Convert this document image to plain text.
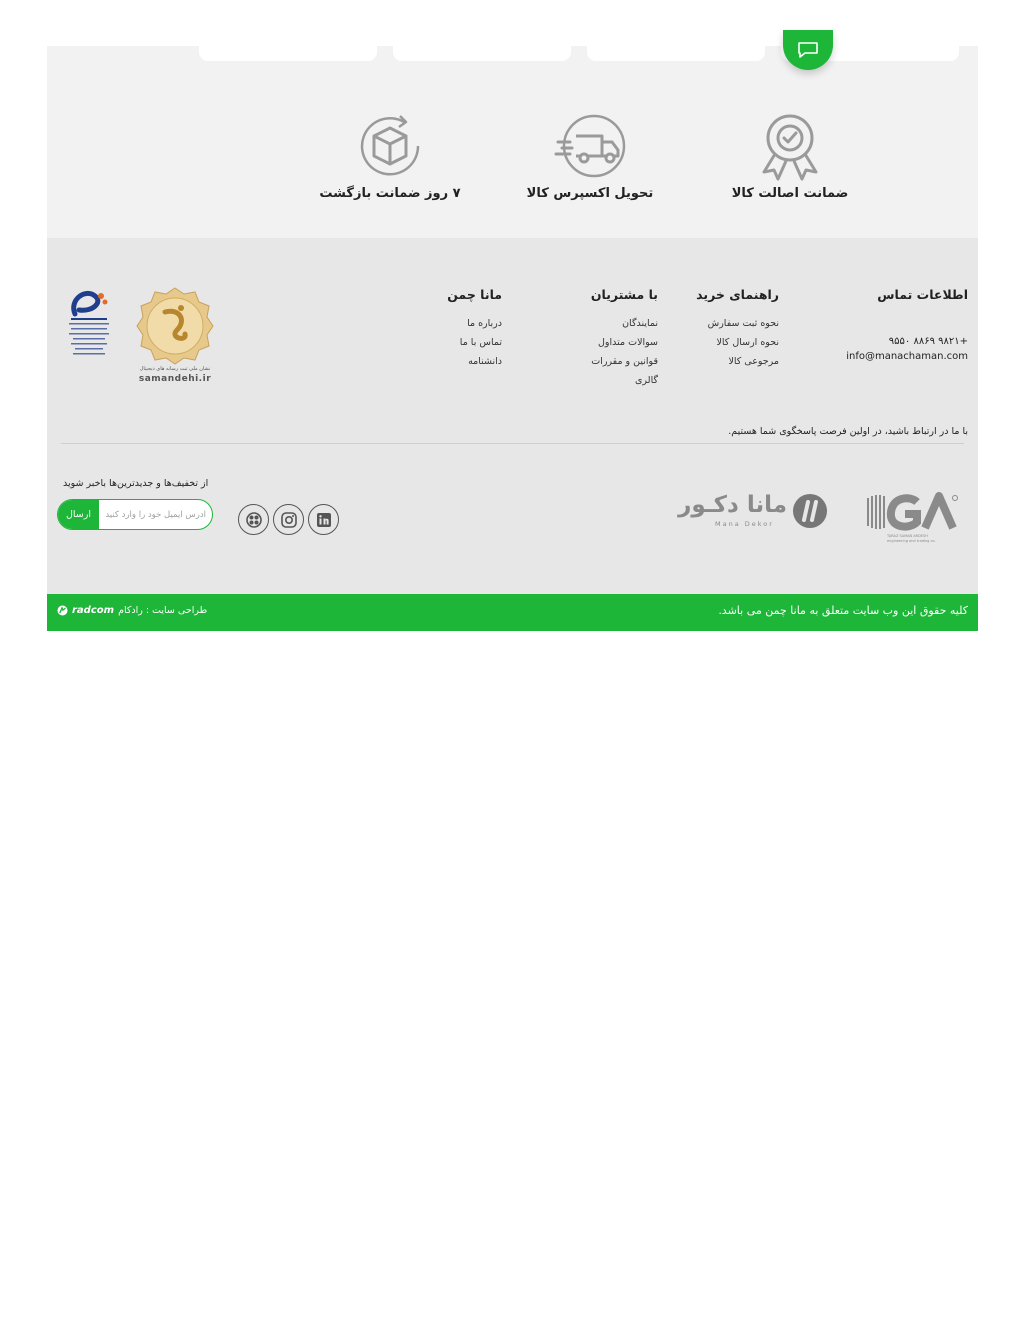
ضمانت اصالت کالا
تحویل اکسپرس کالا
۷ روز ضمانت بازگشت
اطلاعات تماس
۹۵۵۰ ۸۸۶۹ ۹۸۲۱+
info@manachaman.com
راهنمای خرید
نحوه ثبت سفارش
نحوه ارسال کالا
مرجوعی کالا
با مشتریان
نمایندگان
سوالات متداول
قوانین و مقررات
گالری
مانا چمن
درباره ما
تماس با ما
دانشنامه
نشان ملی ثبت رسانه های دیجیتال
samandehi.ir

با ما در ارتباط باشید، در اولین فرصت پاسخگوی شما هستیم.

TARAZ SAMAN ARDESH
engineering and trading co.
مانا دکـور
Mana Dekor

از تخفیف‌ها و جدیدترین‌ها باخبر شوید

ارسال
آدرس ایمیل خود را وارد کنید
کلیه حقوق این وب سایت متعلق به مانا چمن می باشد.
radcom طراحی سایت : رادکام
